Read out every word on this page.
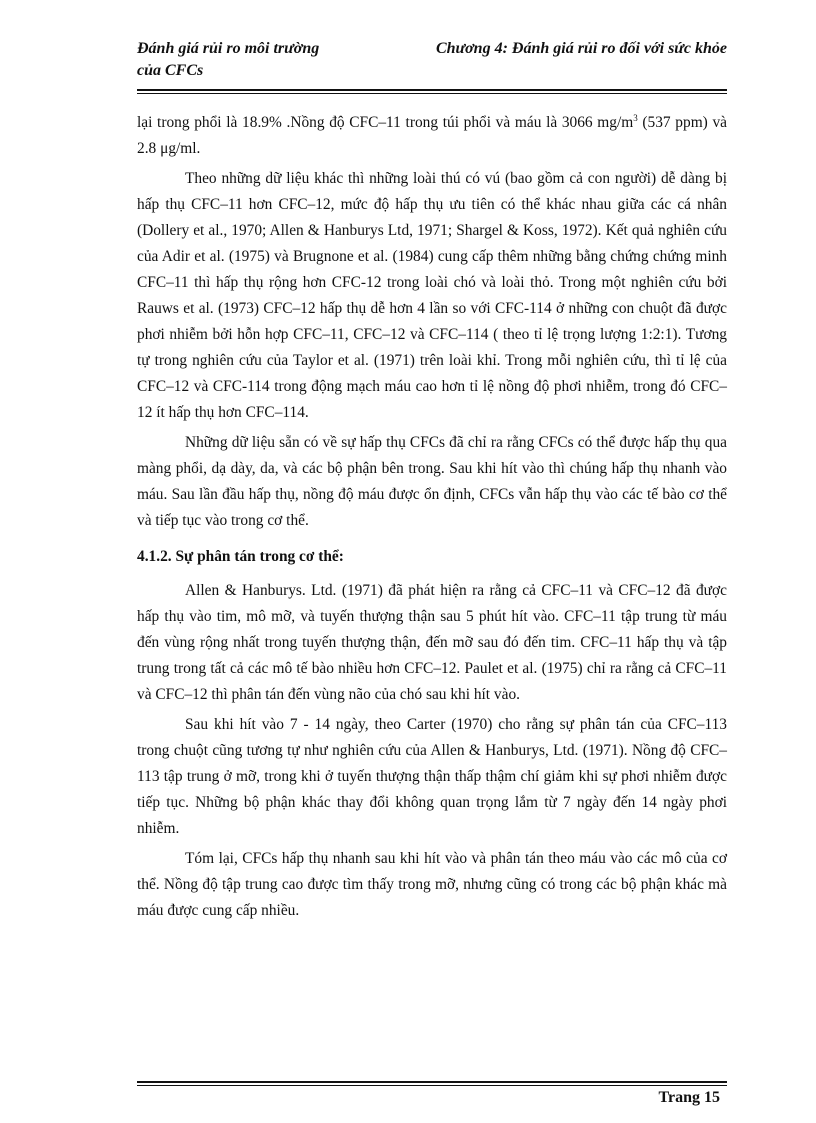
Đánh giá rủi ro môi trường
của CFCs
Chương 4: Đánh giá rủi ro đối với sức khỏe

lại trong phổi là 18.9% .Nồng độ CFC–11 trong túi phổi và máu là 3066 $mg/m^3$ (537 ppm) và 2.8 μg/ml.

Theo những dữ liệu khác thì những loài thú có vú (bao gồm cả con người) dễ dàng bị hấp thụ CFC–11 hơn CFC–12, mức độ hấp thụ ưu tiên có thể khác nhau giữa các cá nhân (Dollery et al., 1970; Allen & Hanburys Ltd, 1971; Shargel & Koss, 1972). Kết quả nghiên cứu của Adir et al. (1975) và Brugnone et al. (1984) cung cấp thêm những bằng chứng chứng minh CFC–11 thì hấp thụ rộng hơn CFC-12 trong loài chó và loài thỏ. Trong một nghiên cứu bởi Rauws et al. (1973) CFC–12 hấp thụ dễ hơn 4 lần so với CFC-114 ở những con chuột đã được phơi nhiễm bởi hỗn hợp CFC–11, CFC–12 và CFC–114 ( theo tỉ lệ trọng lượng 1:2:1). Tương tự trong nghiên cứu của Taylor et al. (1971) trên loài khỉ. Trong mỗi nghiên cứu, thì tỉ lệ của CFC–12 và CFC-114 trong động mạch máu cao hơn tỉ lệ nồng độ phơi nhiễm, trong đó CFC–12 ít hấp thụ hơn CFC–114.

Những dữ liệu sẵn có về sự hấp thụ CFCs đã chỉ ra rằng CFCs có thể được hấp thụ qua màng phổi, dạ dày, da, và các bộ phận bên trong. Sau khi hít vào thì chúng hấp thụ nhanh vào máu. Sau lần đầu hấp thụ, nồng độ máu được ổn định, CFCs vẫn hấp thụ vào các tế bào cơ thể và tiếp tục vào trong cơ thể.

4.1.2. Sự phân tán trong cơ thể:

Allen & Hanburys. Ltd. (1971) đã phát hiện ra rằng cả CFC–11 và CFC–12 đã được hấp thụ vào tim, mô mỡ, và tuyến thượng thận sau 5 phút hít vào. CFC–11 tập trung từ máu đến vùng rộng nhất trong tuyến thượng thận, đến mỡ sau đó đến tim. CFC–11 hấp thụ và tập trung trong tất cả các mô tế bào nhiều hơn CFC–12. Paulet et al. (1975) chỉ ra rằng cả CFC–11 và CFC–12 thì phân tán đến vùng não của chó sau khi hít vào.

Sau khi hít vào 7 - 14 ngày, theo Carter (1970) cho rằng sự phân tán của CFC–113 trong chuột cũng tương tự như nghiên cứu của Allen & Hanburys, Ltd. (1971). Nồng độ CFC–113 tập trung ở mỡ, trong khi ở tuyến thượng thận thấp thậm chí giảm khi sự phơi nhiễm được tiếp tục. Những bộ phận khác thay đổi không quan trọng lắm từ 7 ngày đến 14 ngày phơi nhiễm.

Tóm lại, CFCs hấp thụ nhanh sau khi hít vào và phân tán theo máu vào các mô của cơ thể. Nồng độ tập trung cao được tìm thấy trong mỡ, nhưng cũng có trong các bộ phận khác mà máu được cung cấp nhiều.

Trang 15
